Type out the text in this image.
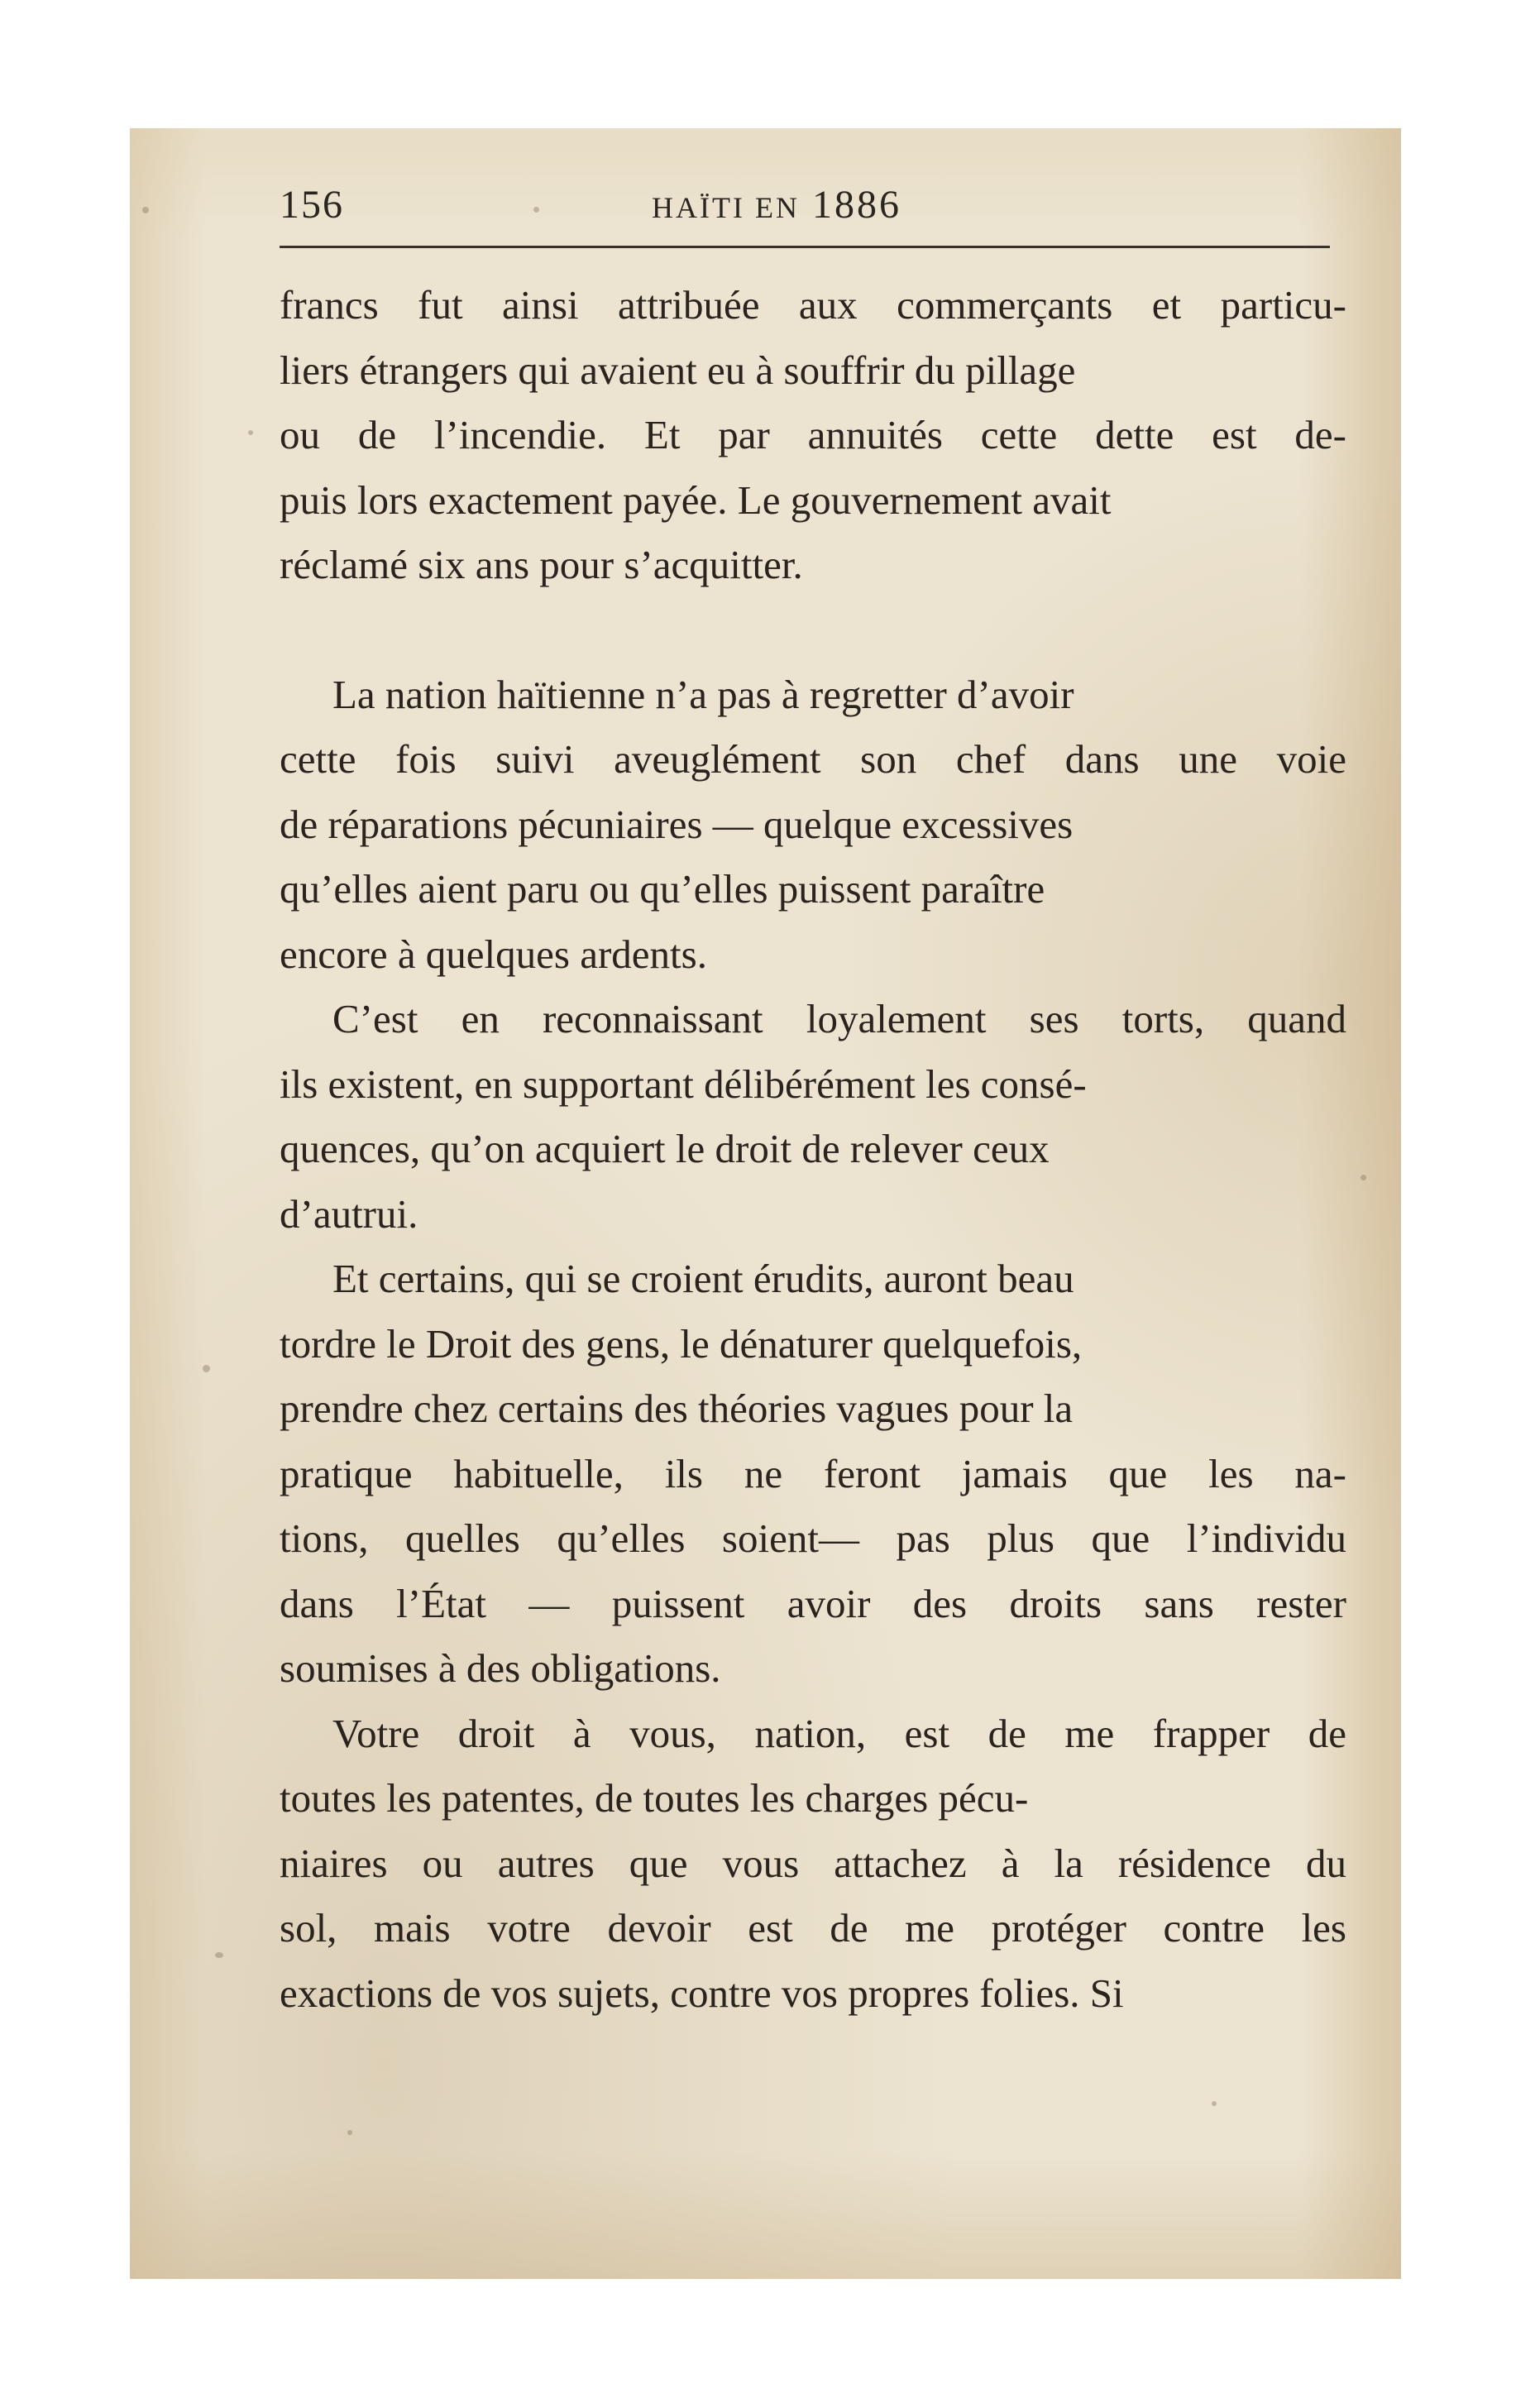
156	HAÏTI EN 1886
francs fut ainsi attribuée aux commerçants et particu-
liers étrangers qui avaient eu à souffrir du pillage
ou de l’incendie. Et par annuités cette dette est de-
puis lors exactement payée. Le gouvernement avait
réclamé six ans pour s’acquitter.
La nation haïtienne n’a pas à regretter d’avoir
cette fois suivi aveuglément son chef dans une voie
de réparations pécuniaires — quelque excessives
qu’elles aient paru ou qu’elles puissent paraître
encore à quelques ardents.
C’est en reconnaissant loyalement ses torts, quand
ils existent, en supportant délibérément les consé-
quences, qu’on acquiert le droit de relever ceux
d’autrui.
Et certains, qui se croient érudits, auront beau
tordre le Droit des gens, le dénaturer quelquefois,
prendre chez certains des théories vagues pour la
pratique habituelle, ils ne feront jamais que les na-
tions, quelles qu’elles soient— pas plus que l’individu
dans l’État — puissent avoir des droits sans rester
soumises à des obligations.
Votre droit à vous, nation, est de me frapper de
toutes les patentes, de toutes les charges pécu-
niaires ou autres que vous attachez à la résidence du
sol, mais votre devoir est de me protéger contre les
exactions de vos sujets, contre vos propres folies. Si
